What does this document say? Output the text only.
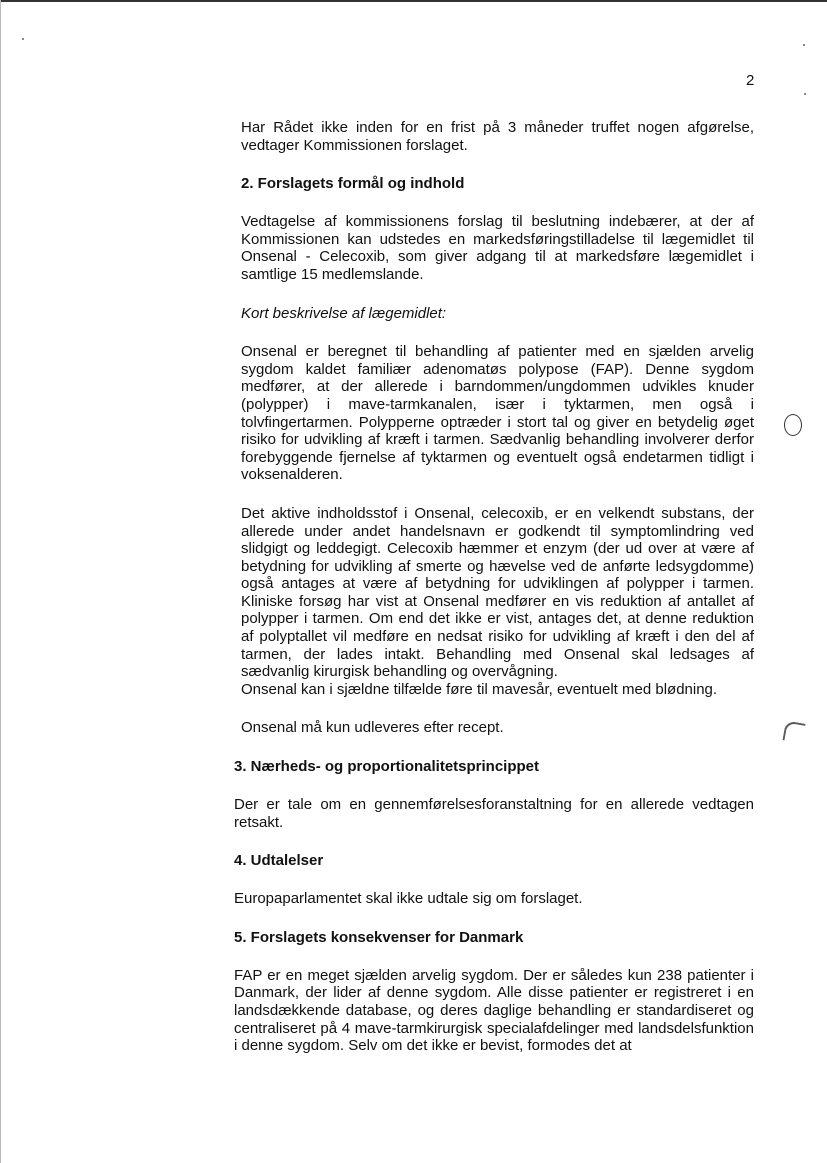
2

Har Rådet ikke inden for en frist på 3 måneder truffet nogen afgørelse, vedtager Kommissionen forslaget.

2. Forslagets formål og indhold

Vedtagelse af kommissionens forslag til beslutning indebærer, at der af Kommissionen kan udstedes en markedsføringstilladelse til lægemidlet til Onsenal - Celecoxib, som giver adgang til at markedsføre lægemidlet i samtlige 15 medlemslande.

Kort beskrivelse af lægemidlet:

Onsenal er beregnet til behandling af patienter med en sjælden arvelig sygdom kaldet familiær adenomatøs polypose (FAP). Denne sygdom medfører, at der allerede i barndommen/ungdommen udvikles knuder (polypper) i mave-tarmkanalen, især i tyktarmen, men også i tolvfingertarmen. Polypperne optræder i stort tal og giver en betydelig øget risiko for udvikling af kræft i tarmen. Sædvanlig behandling involverer derfor forebyggende fjernelse af tyktarmen og eventuelt også endetarmen tidligt i voksenalderen.

Det aktive indholdsstof i Onsenal, celecoxib, er en velkendt substans, der allerede under andet handelsnavn er godkendt til symptomlindring ved slidgigt og leddegigt. Celecoxib hæmmer et enzym (der ud over at være af betydning for udvikling af smerte og hævelse ved de anførte ledsygdomme) også antages at være af betydning for udviklingen af polypper i tarmen. Kliniske forsøg har vist at Onsenal medfører en vis reduktion af antallet af polypper i tarmen. Om end det ikke er vist, antages det, at denne reduktion af polyptallet vil medføre en nedsat risiko for udvikling af kræft i den del af tarmen, der lades intakt. Behandling med Onsenal skal ledsages af sædvanlig kirurgisk behandling og overvågning.

Onsenal kan i sjældne tilfælde føre til mavesår, eventuelt med blødning.

Onsenal må kun udleveres efter recept.

3. Nærheds- og proportionalitetsprincippet

Der er tale om en gennemførelsesforanstaltning for en allerede vedtagen retsakt.

4. Udtalelser

Europaparlamentet skal ikke udtale sig om forslaget.

5. Forslagets konsekvenser for Danmark

FAP er en meget sjælden arvelig sygdom. Der er således kun 238 patienter i Danmark, der lider af denne sygdom. Alle disse patienter er registreret i en landsdækkende database, og deres daglige behandling er standardiseret og centraliseret på 4 mave-tarmkirurgisk specialafdelinger med landsdelsfunktion i denne sygdom. Selv om det ikke er bevist, formodes det at
